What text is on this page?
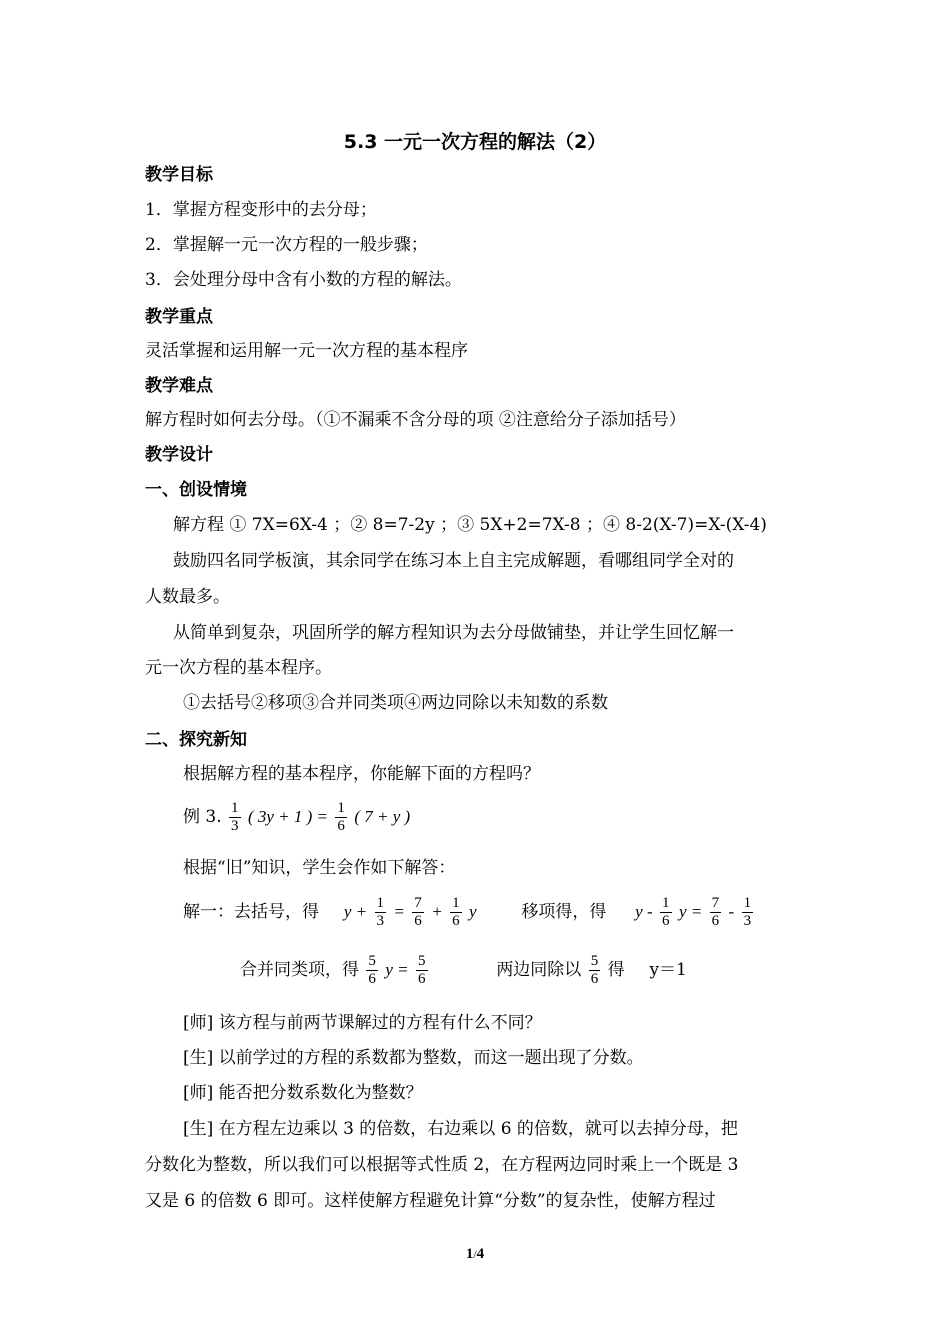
5.3 一元一次方程的解法（2）
教学目标
1．掌握方程变形中的去分母；
2．掌握解一元一次方程的一般步骤；
3．会处理分母中含有小数的方程的解法。
教学重点
灵活掌握和运用解一元一次方程的基本程序
教学难点
解方程时如何去分母。（①不漏乘不含分母的项 ②注意给分子添加括号）
教学设计
一、创设情境
解方程 ① 7X=6X-4 ；② 8=7-2y ；③ 5X+2=7X-8 ；④ 8-2(X-7)=X-(X-4)
鼓励四名同学板演，其余同学在练习本上自主完成解题，看哪组同学全对的
人数最多。
从简单到复杂，巩固所学的解方程知识为去分母做铺垫，并让学生回忆解一
元一次方程的基本程序。
①去括号②移项③合并同类项④两边同除以未知数的系数
二、探究新知
根据解方程的基本程序，你能解下面的方程吗？
例 3. $\frac{1}{3}$ ( 3y + 1 ) = $\frac{1}{6}$ ( 7 + y )
根据“旧”知识，学生会作如下解答：
解一：去括号，得 $y + \frac{1}{3} = \frac{7}{6} + \frac{1}{6}$ y	移项得，得 y - $\frac{1}{6}$ $y = \frac{7}{6} - \frac{1}{3}$
合并同类项，得 $\frac{5}{6}$ $y = \frac{5}{6}$	两边同除以 $\frac{5}{6}$ 得 y＝1
[师] 该方程与前两节课解过的方程有什么不同？
[生] 以前学过的方程的系数都为整数，而这一题出现了分数。
[师] 能否把分数系数化为整数？
[生] 在方程左边乘以 3 的倍数，右边乘以 6 的倍数，就可以去掉分母，把
分数化为整数，所以我们可以根据等式性质 2，在方程两边同时乘上一个既是 3
又是 6 的倍数 6 即可。这样使解方程避免计算“分数”的复杂性，使解方程过
1/4
